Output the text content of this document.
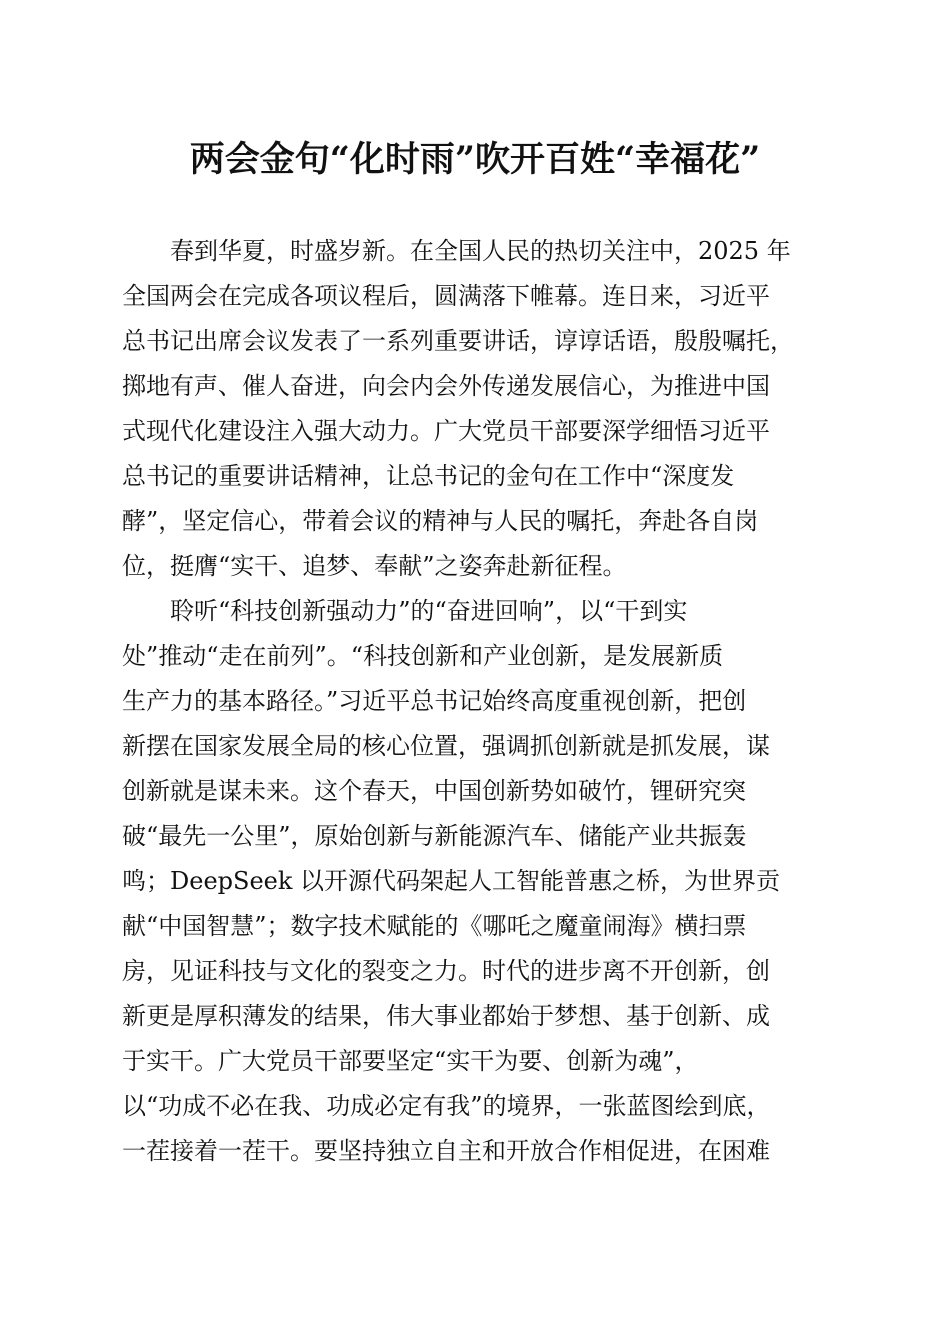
两会金句“化时雨”吹开百姓“幸福花”
　　春到华夏，时盛岁新。在全国人民的热切关注中，2025 年
全国两会在完成各项议程后，圆满落下帷幕。连日来，习近平
总书记出席会议发表了一系列重要讲话，谆谆话语，殷殷嘱托，
掷地有声、催人奋进，向会内会外传递发展信心，为推进中国
式现代化建设注入强大动力。广大党员干部要深学细悟习近平
总书记的重要讲话精神，让总书记的金句在工作中“深度发
酵”，坚定信心，带着会议的精神与人民的嘱托，奔赴各自岗
位，挺膺“实干、追梦、奉献”之姿奔赴新征程。
　　聆听“科技创新强动力”的“奋进回响”，以“干到实
处”推动“走在前列”。“科技创新和产业创新，是发展新质
生产力的基本路径。”习近平总书记始终高度重视创新，把创
新摆在国家发展全局的核心位置，强调抓创新就是抓发展，谋
创新就是谋未来。这个春天，中国创新势如破竹，锂研究突
破“最先一公里”，原始创新与新能源汽车、储能产业共振轰
鸣；DeepSeek 以开源代码架起人工智能普惠之桥，为世界贡
献“中国智慧”；数字技术赋能的《哪吒之魔童闹海》横扫票
房，见证科技与文化的裂变之力。时代的进步离不开创新，创
新更是厚积薄发的结果，伟大事业都始于梦想、基于创新、成
于实干。广大党员干部要坚定“实干为要、创新为魂”，
以“功成不必在我、功成必定有我”的境界，一张蓝图绘到底，
一茬接着一茬干。要坚持独立自主和开放合作相促进，在困难
